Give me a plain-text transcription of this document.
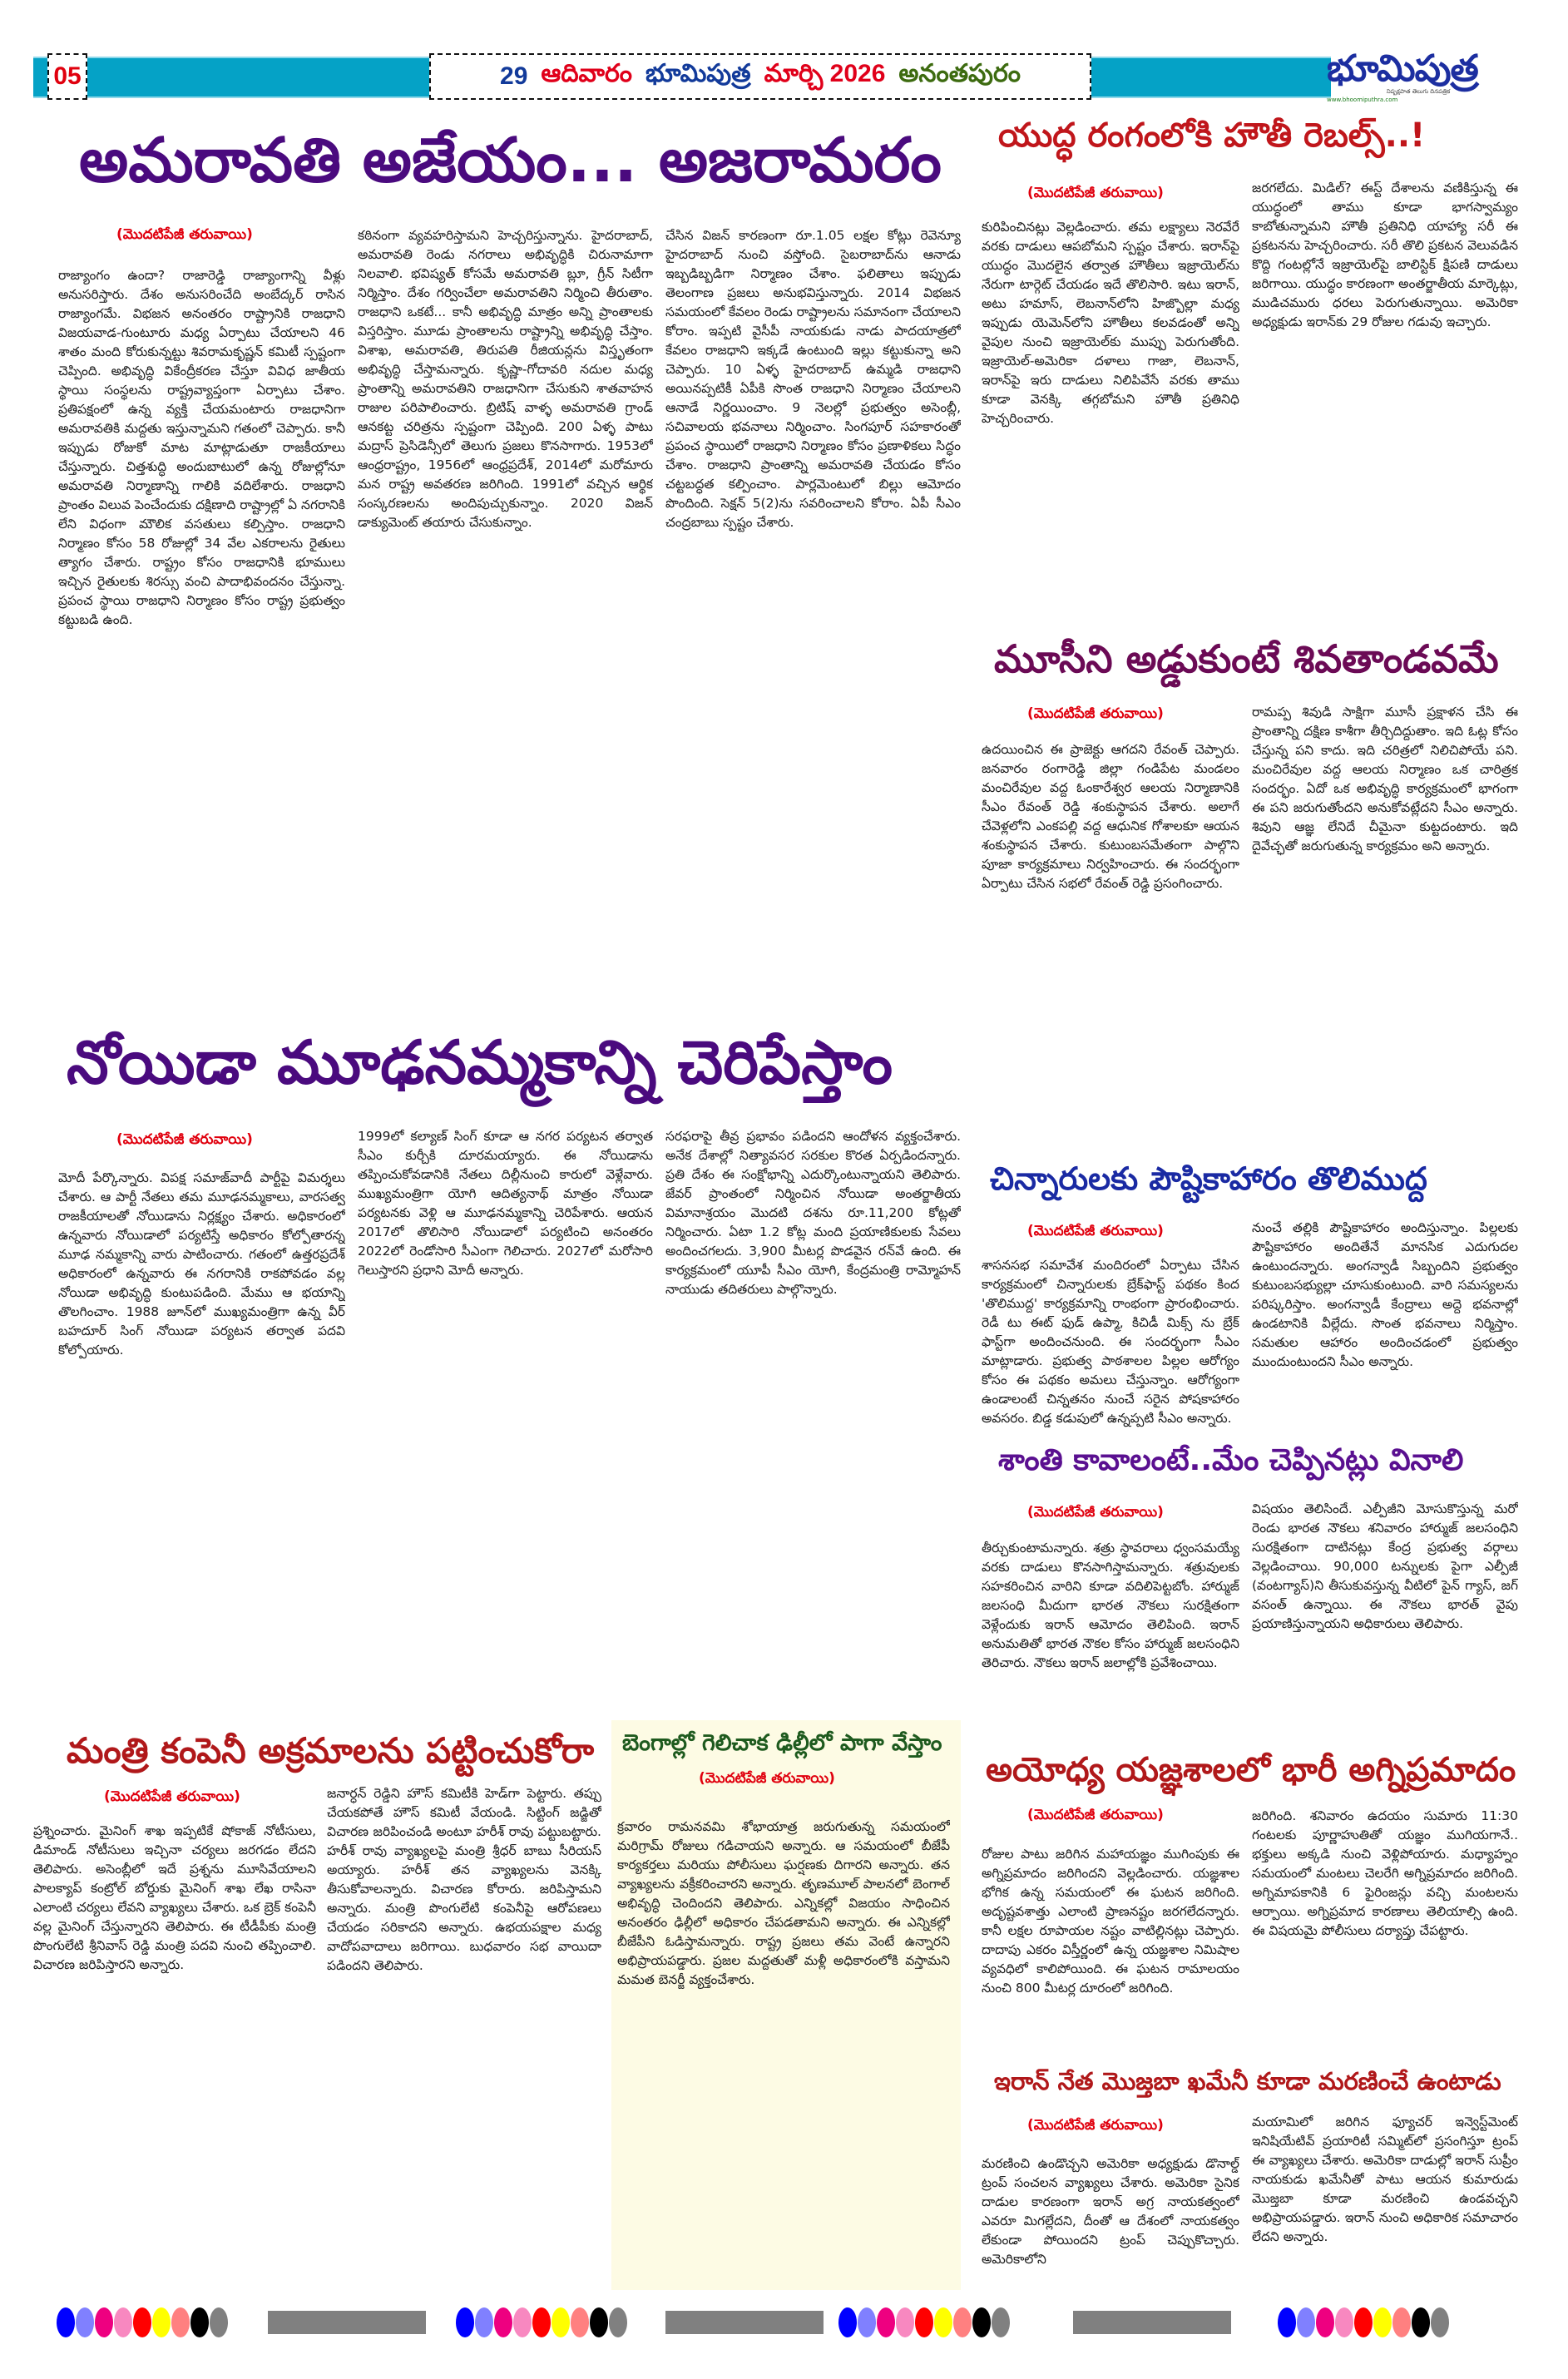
05	29 ఆదివారం భూమిపుత్ర మార్చి 2026 అనంతపురం	భూమిపుత్ర
నిష్పక్షపాత తెలుగు దినపత్రిక
www.bhoomiputhra.com
అమరావతి అజేయం... అజరామరం
(మొదటిపేజీ తరువాయి)
రాజ్యాంగం ఉందా? రాజారెడ్డి రాజ్యాంగాన్ని వీళ్లు అనుసరిస్తారు. దేశం అనుసరించేది అంబేద్కర్ రాసిన రాజ్యాంగమే. విభజన అనంతరం రాష్ట్రానికి రాజధాని విజయవాడ-గుంటూరు మధ్య ఏర్పాటు చేయాలని 46 శాతం మంది కోరుకున్నట్టు శివరామకృష్ణన్ కమిటీ స్పష్టంగా చెప్పింది. అభివృద్ధి వికేంద్రీకరణ చేస్తూ వివిధ జాతీయ స్థాయి సంస్థలను రాష్ట్రవ్యాప్తంగా ఏర్పాటు చేశాం. ప్రతిపక్షంలో ఉన్న వ్యక్తి చేయమంటారు రాజధానిగా అమరావతికి మద్దతు ఇస్తున్నామని గతంలో చెప్పారు. కానీ ఇప్పుడు రోజుకో మాట మాట్లాడుతూ రాజకీయాలు చేస్తున్నారు. చిత్తశుద్ధి అందుబాటులో ఉన్న రోజుల్లోనూ అమరావతి నిర్మాణాన్ని గాలికి వదిలేశారు. రాజధాని ప్రాంతం విలువ పెంచేందుకు దక్షిణాది రాష్ట్రాల్లో ఏ నగరానికి లేని విధంగా మౌలిక వసతులు కల్పిస్తాం. రాజధాని నిర్మాణం కోసం 58 రోజుల్లో 34 వేల ఎకరాలను రైతులు త్యాగం చేశారు. రాష్ట్రం కోసం రాజధానికి భూములు ఇచ్చిన రైతులకు శిరస్సు వంచి పాదాభివందనం చేస్తున్నా. ప్రపంచ స్థాయి రాజధాని నిర్మాణం కోసం రాష్ట్ర ప్రభుత్వం కట్టుబడి ఉంది.
కఠినంగా వ్యవహరిస్తామని హెచ్చరిస్తున్నాను. హైదరాబాద్, అమరావతి రెండు నగరాలు అభివృద్ధికి చిరునామాగా నిలవాలి. భవిష్యత్ కోసమే అమరావతి బ్లూ, గ్రీన్ సిటీగా నిర్మిస్తాం. దేశం గర్వించేలా అమరావతిని నిర్మించి తీరుతాం. రాజధాని ఒకటే... కానీ అభివృద్ధి మాత్రం అన్ని ప్రాంతాలకు విస్తరిస్తాం. మూడు ప్రాంతాలను రాష్ట్రాన్ని అభివృద్ధి చేస్తాం. విశాఖ, అమరావతి, తిరుపతి రీజియన్లను విస్తృతంగా అభివృద్ధి చేస్తామన్నారు. కృష్ణా-గోదావరి నదుల మధ్య ప్రాంతాన్ని అమరావతిని రాజధానిగా చేసుకుని శాతవాహన రాజుల పరిపాలించారు. బ్రిటిష్ వాళ్ళ అమరావతి గ్రాండ్ ఆనకట్ట చరిత్రను స్పష్టంగా చెప్పింది. 200 ఏళ్ళ పాటు మద్రాస్ ప్రెసిడెన్సీలో తెలుగు ప్రజలు కొనసాగారు. 1953లో ఆంధ్రరాష్ట్రం, 1956లో ఆంధ్రప్రదేశ్, 2014లో మరోమారు మన రాష్ట్ర అవతరణ జరిగింది. 1991లో వచ్చిన ఆర్థిక సంస్కరణలను అందిపుచ్చుకున్నాం. 2020 విజన్ డాక్యుమెంట్ తయారు చేసుకున్నాం.
చేసిన విజన్ కారణంగా రూ.1.05 లక్షల కోట్లు రెవెన్యూ హైదరాబాద్ నుంచి వస్తోంది. సైబరాబాద్‌ను ఆనాడు ఇబ్బడిబ్బడిగా నిర్మాణం చేశాం. ఫలితాలు ఇప్పుడు తెలంగాణ ప్రజలు అనుభవిస్తున్నారు. 2014 విభజన సమయంలో కేవలం రెండు రాష్ట్రాలను సమానంగా చేయాలని కోరాం. ఇప్పటి వైసీపీ నాయకుడు నాడు పాదయాత్రలో కేవలం రాజధాని ఇక్కడే ఉంటుంది ఇల్లు కట్టుకున్నా అని చెప్పారు. 10 ఏళ్ళ హైదరాబాద్ ఉమ్మడి రాజధాని అయినప్పటికీ ఏపీకి సొంత రాజధాని నిర్మాణం చేయాలని ఆనాడే నిర్ణయించాం. 9 నెలల్లో ప్రభుత్వం అసెంబ్లీ, సచివాలయ భవనాలు నిర్మించాం. సింగపూర్ సహకారంతో ప్రపంచ స్థాయిలో రాజధాని నిర్మాణం కోసం ప్రణాళికలు సిద్ధం చేశాం. రాజధాని ప్రాంతాన్ని అమరావతి చేయడం కోసం చట్టబద్ధత కల్పించాం. పార్లమెంటులో బిల్లు ఆమోదం పొందింది. సెక్షన్ 5(2)ను సవరించాలని కోరాం. ఏపీ సీఎం చంద్రబాబు స్పష్టం చేశారు.
యుద్ధ రంగంలోకి హౌతీ రెబల్స్..!
(మొదటిపేజీ తరువాయి)
కురిపించినట్లు వెల్లడించారు. తమ లక్ష్యాలు నెరవేరే వరకు దాడులు ఆపబోమని స్పష్టం చేశారు. ఇరాన్‌పై యుద్ధం మొదలైన తర్వాత హౌతీలు ఇజ్రాయెల్‌ను నేరుగా టార్గెట్ చేయడం ఇదే తొలిసారి. ఇటు ఇరాన్, అటు హమాస్, లెబనాన్‌లోని హిజ్బొల్లా మధ్య ఇప్పుడు యెమెన్‌లోని హౌతీలు కలవడంతో అన్ని వైపుల నుంచి ఇజ్రాయెల్‌కు ముప్పు పెరుగుతోంది. ఇజ్రాయెల్-అమెరికా దళాలు గాజా, లెబనాన్, ఇరాన్‌పై ఇరు దాడులు నిలిపివేసే వరకు తాము కూడా వెనక్కి తగ్గబోమని హౌతీ ప్రతినిధి హెచ్చరించారు.
జరగలేదు. మిడిల్? ఈస్ట్ దేశాలను వణికిస్తున్న ఈ యుద్ధంలో తాము కూడా భాగస్వామ్యం కాబోతున్నామని హౌతీ ప్రతినిధి యాహ్యా సరీ ఈ ప్రకటనను హెచ్చరించారు. సరీ తొలి ప్రకటన వెలువడిన కొద్ది గంటల్లోనే ఇజ్రాయెల్‌పై బాలిస్టిక్ క్షిపణి దాడులు జరిగాయి. యుద్ధం కారణంగా అంతర్జాతీయ మార్కెట్లు, ముడిచమురు ధరలు పెరుగుతున్నాయి. అమెరికా అధ్యక్షుడు ఇరాన్‌కు 29 రోజుల గడువు ఇచ్చారు.
మూసీని అడ్డుకుంటే శివతాండవమే
(మొదటిపేజీ తరువాయి)
ఉదయించిన ఈ ప్రాజెక్టు ఆగదని రేవంత్ చెప్పారు. జనవారం రంగారెడ్డి జిల్లా గండిపేట మండలం మంచిరేవుల వద్ద ఓంకారేశ్వర ఆలయ నిర్మాణానికి సీఎం రేవంత్ రెడ్డి శంకుస్థాపన చేశారు. అలాగే చేవెళ్లలోని ఎంకపల్లి వద్ద ఆధునిక గోశాలకూ ఆయన శంకుస్థాపన చేశారు. కుటుంబసమేతంగా పాల్గొని పూజా కార్యక్రమాలు నిర్వహించారు. ఈ సందర్భంగా ఏర్పాటు చేసిన సభలో రేవంత్ రెడ్డి ప్రసంగించారు.
రామప్ప శివుడి సాక్షిగా మూసీ ప్రక్షాళన చేసి ఈ ప్రాంతాన్ని దక్షిణ కాశీగా తీర్చిదిద్దుతాం. ఇది ఓట్ల కోసం చేస్తున్న పని కాదు. ఇది చరిత్రలో నిలిచిపోయే పని. మంచిరేవుల వద్ద ఆలయ నిర్మాణం ఒక చారిత్రక సందర్భం. ఏదో ఒక అభివృద్ధి కార్యక్రమంలో భాగంగా ఈ పని జరుగుతోందని అనుకోవట్లేదని సీఎం అన్నారు. శివుని ఆజ్ఞ లేనిదే చీమైనా కుట్టదంటారు. ఇది దైవేచ్ఛతో జరుగుతున్న కార్యక్రమం అని అన్నారు.
నోయిడా మూఢనమ్మకాన్ని చెరిపేస్తాం
(మొదటిపేజీ తరువాయి)
మోదీ పేర్కొన్నారు. విపక్ష సమాజ్‌వాదీ పార్టీపై విమర్శలు చేశారు. ఆ పార్టీ నేతలు తమ మూఢనమ్మకాలు, వారసత్వ రాజకీయాలతో నోయిడాను నిర్లక్ష్యం చేశారు. అధికారంలో ఉన్నవారు నోయిడాలో పర్యటిస్తే అధికారం కోల్పోతారన్న మూఢ నమ్మకాన్ని వారు పాటించారు. గతంలో ఉత్తరప్రదేశ్ అధికారంలో ఉన్నవారు ఈ నగరానికి రాకపోవడం వల్ల నోయిడా అభివృద్ధి కుంటుపడింది. మేము ఆ భయాన్ని తొలగించాం. 1988 జూన్‌లో ముఖ్యమంత్రిగా ఉన్న వీర్ బహదూర్ సింగ్ నోయిడా పర్యటన తర్వాత పదవి కోల్పోయారు.
1999లో కల్యాణ్ సింగ్ కూడా ఆ నగర పర్యటన తర్వాత సీఎం కుర్చీకి దూరమయ్యారు. ఈ నోయిడాను తప్పించుకోవడానికి నేతలు దిల్లీనుంచి కారులో వెళ్లేవారు. ముఖ్యమంత్రిగా యోగి ఆదిత్యనాథ్ మాత్రం నోయిడా పర్యటనకు వెళ్లి ఆ మూఢనమ్మకాన్ని చెరిపేశారు. ఆయన 2017లో తొలిసారి నోయిడాలో పర్యటించి అనంతరం 2022లో రెండోసారి సీఎంగా గెలిచారు. 2027లో మరోసారి గెలుస్తారని ప్రధాని మోదీ అన్నారు.
సరఫరాపై తీవ్ర ప్రభావం పడిందని ఆందోళన వ్యక్తంచేశారు. అనేక దేశాల్లో నిత్యావసర సరకుల కొరత ఏర్పడిందన్నారు. ప్రతి దేశం ఈ సంక్షోభాన్ని ఎదుర్కొంటున్నాయని తెలిపారు. జేవర్ ప్రాంతంలో నిర్మించిన నోయిడా అంతర్జాతీయ విమానాశ్రయం మొదటి దశను రూ.11,200 కోట్లతో నిర్మించారు. ఏటా 1.2 కోట్ల మంది ప్రయాణికులకు సేవలు అందించగలదు. 3,900 మీటర్ల పొడవైన రన్‌వే ఉంది. ఈ కార్యక్రమంలో యూపీ సీఎం యోగి, కేంద్రమంత్రి రామ్మోహన్ నాయుడు తదితరులు పాల్గొన్నారు.
చిన్నారులకు పౌష్టికాహారం తొలిముద్ద
(మొదటిపేజీ తరువాయి)
శాసనసభ సమావేశ మందిరంలో ఏర్పాటు చేసిన కార్యక్రమంలో చిన్నారులకు బ్రేక్‌ఫాస్ట్ పథకం కింద 'తొలిముద్ద' కార్యక్రమాన్ని రాంభంగా ప్రారంభించారు. రెడీ టు ఈట్ ఫుడ్ ఉప్మా, కిచిడీ మిక్స్ ను బ్రేక్ ఫాస్ట్‌గా అందించనుంది. ఈ సందర్భంగా సీఎం మాట్లాడారు. ప్రభుత్వ పాఠశాలల పిల్లల ఆరోగ్యం కోసం ఈ పథకం అమలు చేస్తున్నాం. ఆరోగ్యంగా ఉండాలంటే చిన్నతనం నుంచే సరైన పోషకాహారం అవసరం. బిడ్డ కడుపులో ఉన్నప్పటి సీఎం అన్నారు.
నుంచే తల్లికి పౌష్టికాహారం అందిస్తున్నాం. పిల్లలకు పౌష్టికాహారం అందితేనే మానసిక ఎదుగుదల ఉంటుందన్నారు. అంగన్వాడీ సిబ్బందిని ప్రభుత్వం కుటుంబసభ్యుల్లా చూసుకుంటుంది. వారి సమస్యలను పరిష్కరిస్తాం. అంగన్వాడీ కేంద్రాలు అద్దె భవనాల్లో ఉండటానికి వీల్లేదు. సొంత భవనాలు నిర్మిస్తాం. సమతుల ఆహారం అందించడంలో ప్రభుత్వం ముందుంటుందని సీఎం అన్నారు.
శాంతి కావాలంటే..మేం చెప్పినట్లు వినాలి
(మొదటిపేజీ తరువాయి)
తీర్చుకుంటామన్నారు. శత్రు స్థావరాలు ధ్వంసమయ్యే వరకు దాడులు కొనసాగిస్తామన్నారు. శత్రువులకు సహకరించిన వారిని కూడా వదిలిపెట్టబోం. హార్ముజ్ జలసంధి మీదుగా భారత నౌకలు సురక్షితంగా వెళ్లేందుకు ఇరాన్ ఆమోదం తెలిపింది. ఇరాన్ అనుమతితో భారత నౌకల కోసం హార్ముజ్ జలసంధిని తెరిచారు. నౌకలు ఇరాన్ జలాల్లోకి ప్రవేశించాయి.
విషయం తెలిసిందే. ఎల్పీజీని మోసుకొస్తున్న మరో రెండు భారత నౌకలు శనివారం హార్ముజ్ జలసంధిని సురక్షితంగా దాటినట్లు కేంద్ర ప్రభుత్వ వర్గాలు వెల్లడించాయి. 90,000 టన్నులకు పైగా ఎల్పీజీ (వంటగ్యాస్)ని తీసుకువస్తున్న వీటిలో పైన్ గ్యాస్, జగ్ వసంత్ ఉన్నాయి. ఈ నౌకలు భారత్ వైపు ప్రయాణిస్తున్నాయని అధికారులు తెలిపారు.
మంత్రి కంపెనీ అక్రమాలను పట్టించుకోరా
(మొదటిపేజీ తరువాయి)
ప్రశ్నించారు. మైనింగ్ శాఖ ఇప్పటికే షోకాజ్ నోటీసులు, డిమాండ్ నోటీసులు ఇచ్చినా చర్యలు జరగడం లేదని తెలిపారు. అసెంబ్లీలో ఇదే ప్రశ్నను మూసివేయాలని పాలక్యాప్ కంట్రోల్ బోర్డుకు మైనింగ్ శాఖ లేఖ రాసినా ఎలాంటి చర్యలు లేవని వ్యాఖ్యలు చేశారు. ఒక బ్రెక్ కంపెనీ వల్ల మైనింగ్ చేస్తున్నారని తెలిపారు. ఈ టీడీపీకు మంత్రి పొంగులేటి శ్రీనివాస్ రెడ్డి మంత్రి పదవి నుంచి తప్పించాలి. విచారణ జరిపిస్తారని అన్నారు.
జనార్ధన్ రెడ్డిని హౌస్ కమిటీకి హెడ్‌గా పెట్టారు. తప్పు చేయకపోతే హౌస్ కమిటీ వేయండి. సిట్టింగ్ జడ్జితో విచారణ జరిపించండి అంటూ హరీశ్ రావు పట్టుబట్టారు. హరీశ్ రావు వ్యాఖ్యలపై మంత్రి శ్రీధర్ బాబు సీరియస్ అయ్యారు. హరీశ్ తన వ్యాఖ్యలను వెనక్కి తీసుకోవాలన్నారు. విచారణ కోరారు. జరిపిస్తామని అన్నారు. మంత్రి పొంగులేటి కంపెనీపై ఆరోపణలు చేయడం సరికాదని అన్నారు. ఉభయపక్షాల మధ్య వాదోపవాదాలు జరిగాయి. బుధవారం సభ వాయిదా పడిందని తెలిపారు.
బెంగాల్లో గెలిచాక ఢిల్లీలో పాగా వేస్తాం
(మొదటిపేజీ తరువాయి)
క్రవారం రామనవమి శోభాయాత్ర జరుగుతున్న సమయంలో మరిగ్రామ్ రోజులు గడిచాయని అన్నారు. ఆ సమయంలో బీజేపీ కార్యకర్తలు మరియు పోలీసులు ఘర్షణకు దిగారని అన్నారు. తన వ్యాఖ్యలను వక్రీకరించారని అన్నారు. తృణమూల్ పాలనలో బెంగాల్ అభివృద్ధి చెందిందని తెలిపారు. ఎన్నికల్లో విజయం సాధించిన అనంతరం ఢిల్లీలో అధికారం చేపడతామని అన్నారు. ఈ ఎన్నికల్లో బీజేపీని ఓడిస్తామన్నారు. రాష్ట్ర ప్రజలు తమ వెంటే ఉన్నారని అభిప్రాయపడ్డారు. ప్రజల మద్దతుతో మళ్లీ అధికారంలోకి వస్తామని మమత బెనర్జీ వ్యక్తంచేశారు.
అయోధ్య యజ్ఞశాలలో భారీ అగ్నిప్రమాదం
(మొదటిపేజీ తరువాయి)
రోజుల పాటు జరిగిన మహాయజ్ఞం ముగింపుకు ఈ అగ్నిప్రమాదం జరిగిందని వెల్లడించారు. యజ్ఞశాల భోగిక ఉన్న సమయంలో ఈ ఘటన జరిగింది. అదృష్టవశాత్తు ఎలాంటి ప్రాణనష్టం జరగలేదన్నారు. కానీ లక్షల రూపాయల నష్టం వాటిల్లినట్లు చెప్పారు. దాదాపు ఎకరం విస్తీర్ణంలో ఉన్న యజ్ఞశాల నిమిషాల వ్యవధిలో కాలిపోయింది. ఈ ఘటన రామాలయం నుంచి 800 మీటర్ల దూరంలో జరిగింది.
జరిగింది. శనివారం ఉదయం సుమారు 11:30 గంటలకు పూర్ణాహుతితో యజ్ఞం ముగియగానే.. భక్తులు అక్కడి నుంచి వెళ్లిపోయారు. మధ్యాహ్నం సమయంలో మంటలు చెలరేగి అగ్నిప్రమాదం జరిగింది. అగ్నిమాపకానికి 6 ఫైరింజన్లు వచ్చి మంటలను ఆర్పాయి. అగ్నిప్రమాద కారణాలు తెలియాల్సి ఉంది. ఈ విషయమై పోలీసులు దర్యాప్తు చేపట్టారు.
ఇరాన్ నేత మొజ్తబా ఖమేనీ కూడా మరణించే ఉంటాడు
(మొదటిపేజీ తరువాయి)
మరణించి ఉండొచ్చని అమెరికా అధ్యక్షుడు డొనాల్డ్ ట్రంప్ సంచలన వ్యాఖ్యలు చేశారు. అమెరికా సైనిక దాడుల కారణంగా ఇరాన్ అగ్ర నాయకత్వంలో ఎవరూ మిగల్లేదని, దీంతో ఆ దేశంలో నాయకత్వం లేకుండా పోయిందని ట్రంప్ చెప్పుకొచ్చారు. అమెరికాలోని
మయామిలో జరిగిన ఫ్యూచర్ ఇన్వెస్ట్‌మెంట్ ఇనిషియేటివ్ ప్రయారిటీ సమ్మిట్‌లో ప్రసంగిస్తూ ట్రంప్ ఈ వ్యాఖ్యలు చేశారు. అమెరికా దాడుల్లో ఇరాన్ సుప్రీం నాయకుడు ఖమేనీతో పాటు ఆయన కుమారుడు మొజ్తబా కూడా మరణించి ఉండవచ్చని అభిప్రాయపడ్డారు. ఇరాన్ నుంచి అధికారిక సమాచారం లేదని అన్నారు.
